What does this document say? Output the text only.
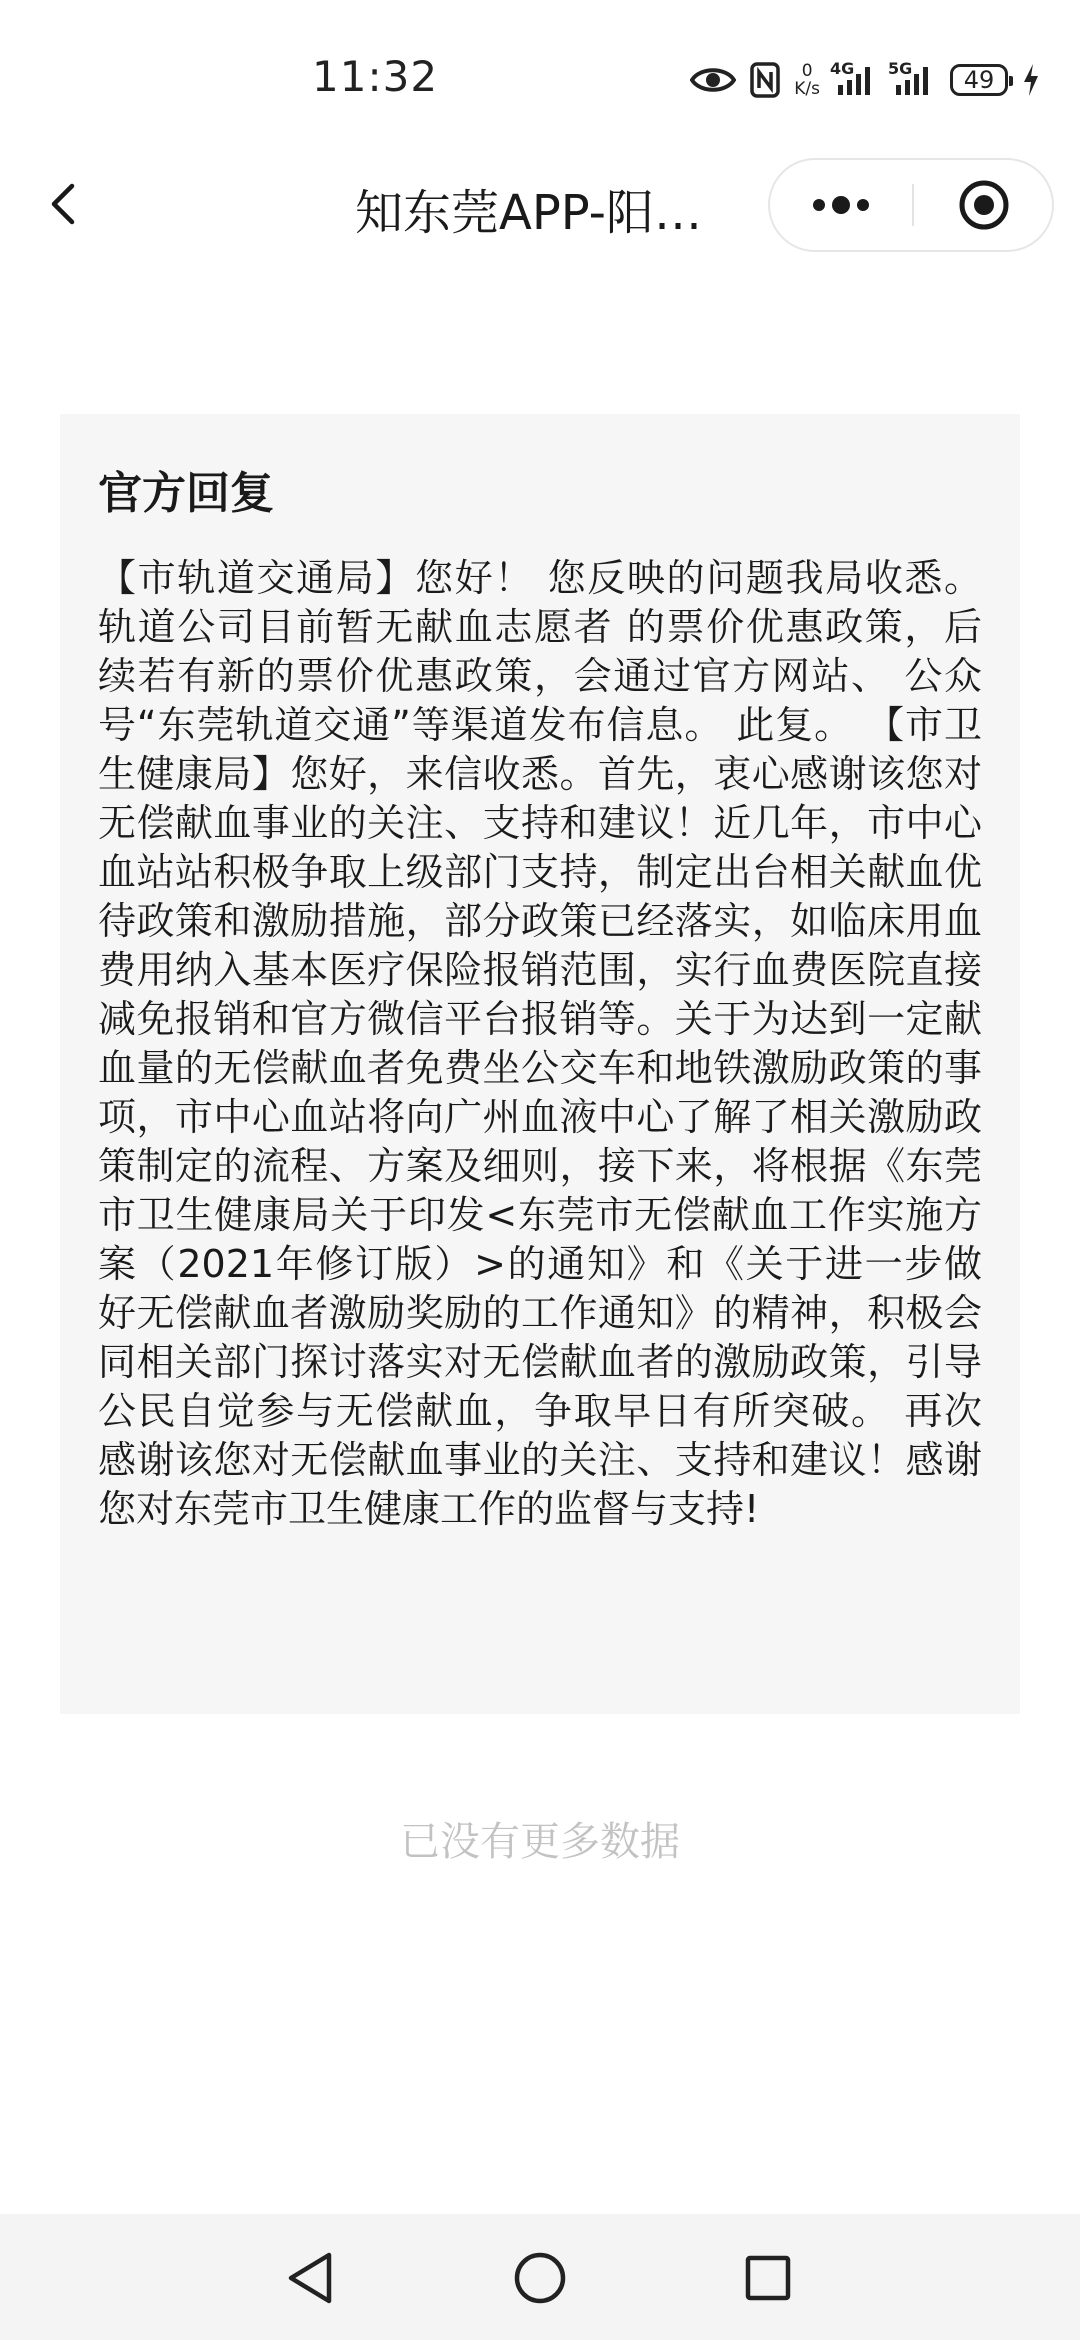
11:32	0
K/s
4G 5G 49
知东莞APP-阳…
官方回复

【市轨道交通局】您好！ 您反映的问题我局收悉。轨道公司目前暂无献血志愿者 的票价优惠政策，后续若有新的票价优惠政策，会通过官方网站、 公众号“东莞轨道交通”等渠道发布信息。 此复。 【市卫生健康局】您好，来信收悉。首先，衷心感谢该您对无偿献血事业的关注、支持和建议！近几年，市中心血站站积极争取上级部门支持，制定出台相关献血优待政策和激励措施，部分政策已经落实，如临床用血费用纳入基本医疗保险报销范围，实行血费医院直接减免报销和官方微信平台报销等。关于为达到一定献血量的无偿献血者免费坐公交车和地铁激励政策的事项，市中心血站将向广州血液中心了解了相关激励政策制定的流程、方案及细则，接下来，将根据《东莞市卫生健康局关于印发<东莞市无偿献血工作实施方案（2021年修订版）>的通知》和《关于进一步做好无偿献血者激励奖励的工作通知》的精神，积极会同相关部门探讨落实对无偿献血者的激励政策，引导公民自觉参与无偿献血，争取早日有所突破。 再次感谢该您对无偿献血事业的关注、支持和建议！感谢您对东莞市卫生健康工作的监督与支持!

已没有更多数据
